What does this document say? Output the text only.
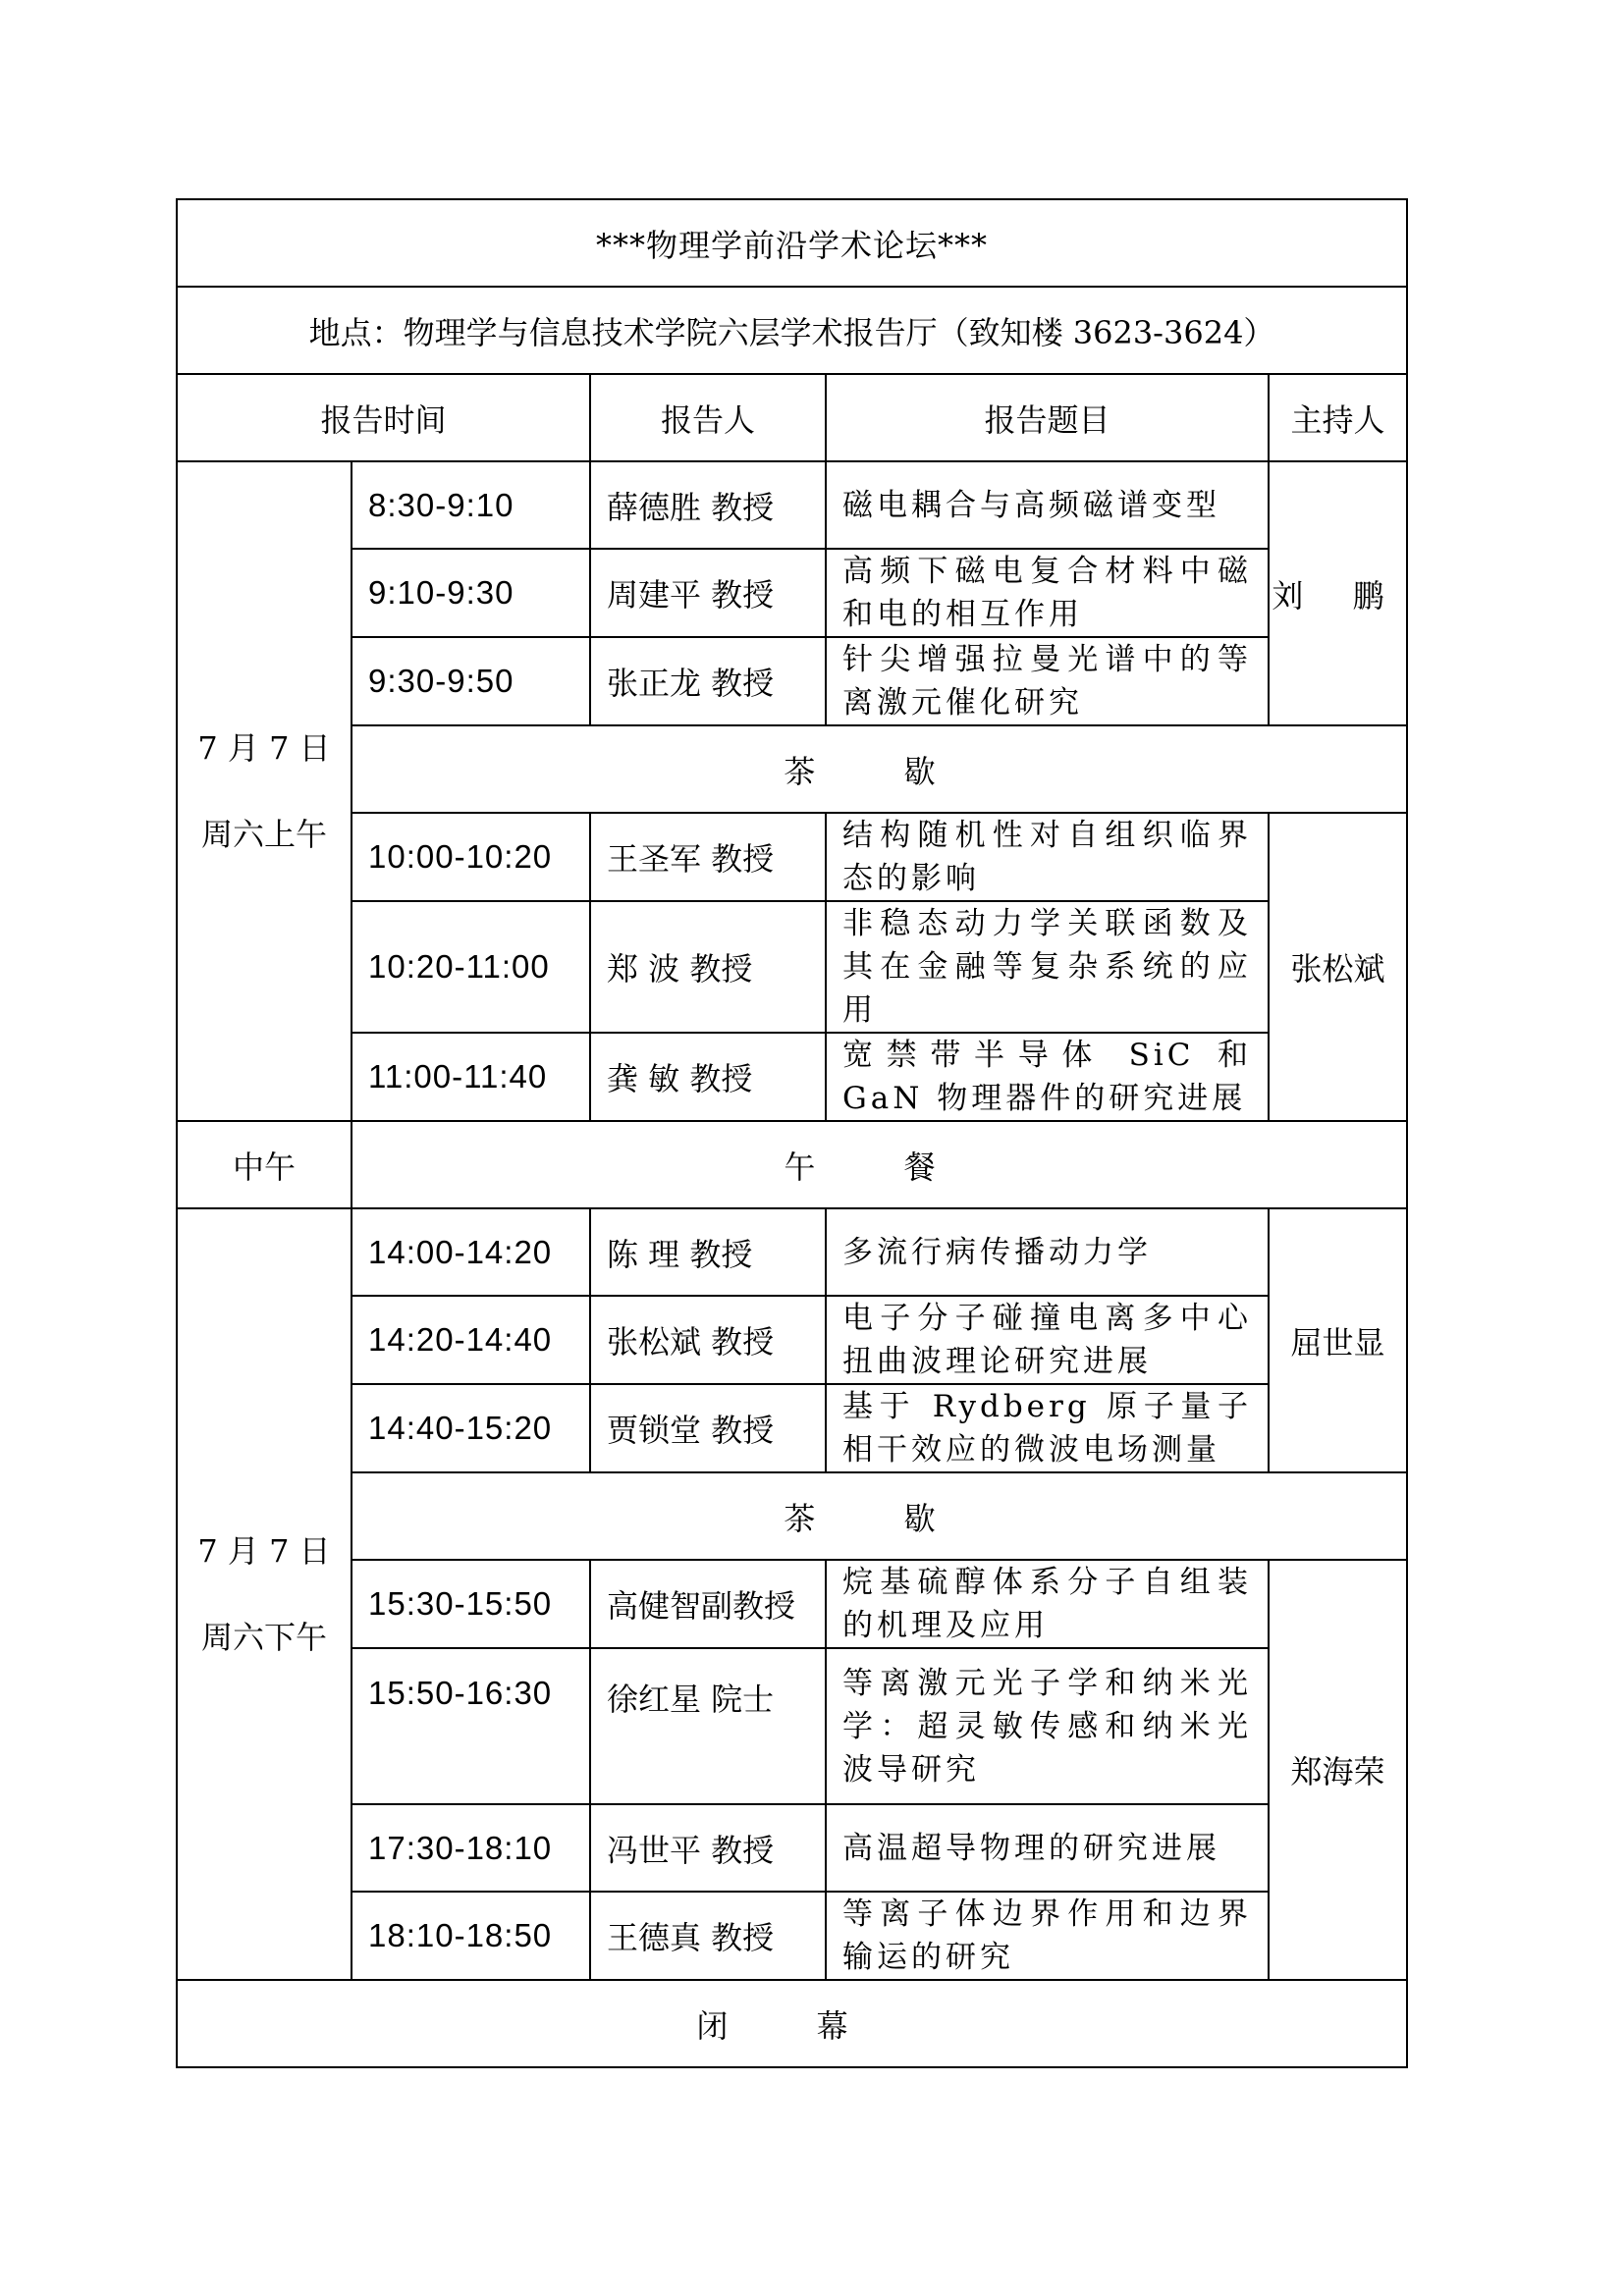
***物理学前沿学术论坛***				
地点：物理学与信息技术学院六层学术报告厅（致知楼 3623-3624）				
报告时间		报告人	报告题目	主持人

7 月 7 日
周六上午	8:30-9:10	薛德胜 教授	磁电耦合与高频磁谱变型	刘 鹏
	9:10-9:30	周建平 教授	高频下磁电复合材料中磁和电的相互作用	
	9:30-9:50	张正龙 教授	针尖增强拉曼光谱中的等离激元催化研究	
	茶 歇			
	10:00-10:20	王圣军 教授	结构随机性对自组织临界态的影响	张松斌
	10:20-11:00	郑 波 教授	非稳态动力学关联函数及其在金融等复杂系统的应用	
	11:00-11:40	龚 敏 教授	宽禁带半导体 SiC 和 GaN 物理器件的研究进展	
中午	午 餐			

7 月 7 日
周六下午	14:00-14:20	陈 理 教授	多流行病传播动力学	屈世显
	14:20-14:40	张松斌 教授	电子分子碰撞电离多中心扭曲波理论研究进展	
	14:40-15:20	贾锁堂 教授	基于 Rydberg 原子量子相干效应的微波电场测量	
	茶 歇			
	15:30-15:50	高健智副教授	烷基硫醇体系分子自组装的机理及应用	郑海荣
	15:50-16:30	徐红星 院士	等离激元光子学和纳米光学：超灵敏传感和纳米光波导研究	
	17:30-18:10	冯世平 教授	高温超导物理的研究进展	
	18:10-18:50	王德真 教授	等离子体边界作用和边界输运的研究	
闭 幕				
